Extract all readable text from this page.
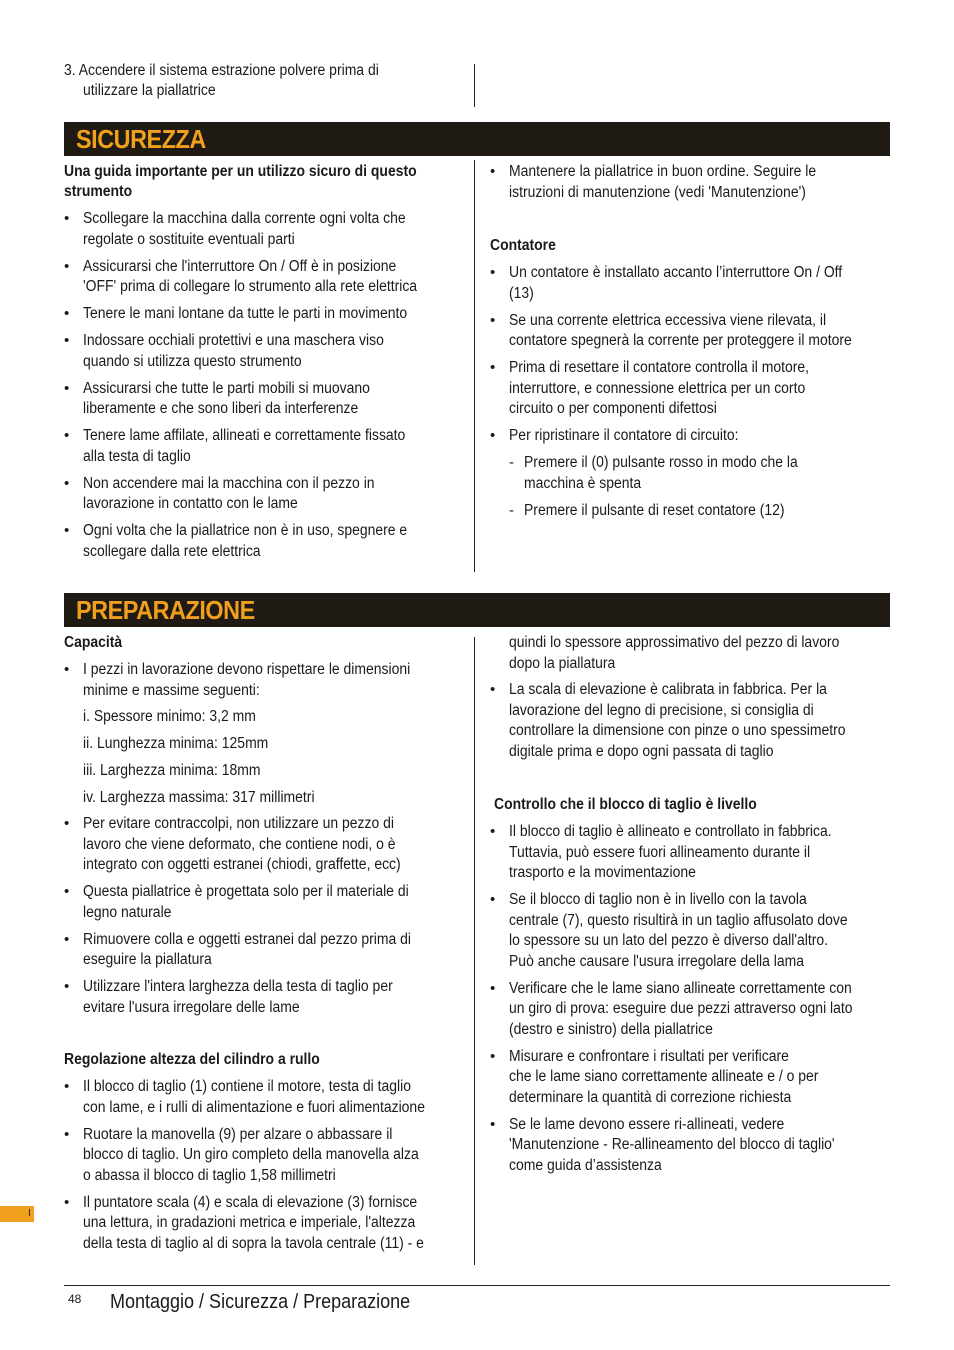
3. Accendere il sistema estrazione polvere prima di
utilizzare la piallatrice
SICUREZZA
Una guida importante per un utilizzo sicuro di questo
strumento
• Scollegare la macchina dalla corrente ogni volta che
regolate o sostituite eventuali parti
• Assicurarsi che l'interruttore On / Off è in posizione
'OFF' prima di collegare lo strumento alla rete elettrica
• Tenere le mani lontane da tutte le parti in movimento
• Indossare occhiali protettivi e una maschera viso
quando si utilizza questo strumento
• Assicurarsi che tutte le parti mobili si muovano
liberamente e che sono liberi da interferenze
• Tenere lame affilate, allineati e correttamente fissato
alla testa di taglio
• Non accendere mai la macchina con il pezzo in
lavorazione in contatto con le lame
• Ogni volta che la piallatrice non è in uso, spegnere e
scollegare dalla rete elettrica
• Mantenere la piallatrice in buon ordine. Seguire le
istruzioni di manutenzione (vedi 'Manutenzione')
Contatore
• Un contatore è installato accanto l’interruttore On / Off
(13)
• Se una corrente elettrica eccessiva viene rilevata, il
contatore spegnerà la corrente per proteggere il motore
• Prima di resettare il contatore controlla il motore,
interruttore, e connessione elettrica per un corto
circuito o per componenti difettosi
• Per ripristinare il contatore di circuito:
- Premere il (0) pulsante rosso in modo che la
macchina è spenta
- Premere il pulsante di reset contatore (12)
PREPARAZIONE
Capacità
• I pezzi in lavorazione devono rispettare le dimensioni
minime e massime seguenti:
i. Spessore minimo: 3,2 mm
ii. Lunghezza minima: 125mm
iii. Larghezza minima: 18mm
iv. Larghezza massima: 317 millimetri
• Per evitare contraccolpi, non utilizzare un pezzo di
lavoro che viene deformato, che contiene nodi, o è
integrato con oggetti estranei (chiodi, graffette, ecc)
• Questa piallatrice è progettata solo per il materiale di
legno naturale
• Rimuovere colla e oggetti estranei dal pezzo prima di
eseguire la piallatura
• Utilizzare l'intera larghezza della testa di taglio per
evitare l'usura irregolare delle lame
Regolazione altezza del cilindro a rullo
• Il blocco di taglio (1) contiene il motore, testa di taglio
con lame, e i rulli di alimentazione e fuori alimentazione
• Ruotare la manovella (9) per alzare o abbassare il
blocco di taglio. Un giro completo della manovella alza
o abassa il blocco di taglio 1,58 millimetri
• Il puntatore scala (4) e scala di elevazione (3) fornisce
una lettura, in gradazioni metrica e imperiale, l'altezza
della testa di taglio al di sopra la tavola centrale (11) - e
quindi lo spessore approssimativo del pezzo di lavoro
dopo la piallatura
• La scala di elevazione è calibrata in fabbrica. Per la
lavorazione del legno di precisione, si consiglia di
controllare la dimensione con pinze o uno spessimetro
digitale prima e dopo ogni passata di taglio
Controllo che il blocco di taglio è livello
• Il blocco di taglio è allineato e controllato in fabbrica.
Tuttavia, può essere fuori allineamento durante il
trasporto e la movimentazione
• Se il blocco di taglio non è in livello con la tavola
centrale (7), questo risultirà in un taglio affusolato dove
lo spessore su un lato del pezzo è diverso dall'altro.
Può anche causare l'usura irregolare della lama
• Verificare che le lame siano allineate correttamente con
un giro di prova: eseguire due pezzi attraverso ogni lato
(destro e sinistro) della piallatrice
• Misurare e confrontare i risultati per verificare
che le lame siano correttamente allineate e / o per
determinare la quantità di correzione richiesta
• Se le lame devono essere ri-allineati, vedere
'Manutenzione - Re-allineamento del blocco di taglio'
come guida d’assistenza
I
48 Montaggio / Sicurezza / Preparazione
